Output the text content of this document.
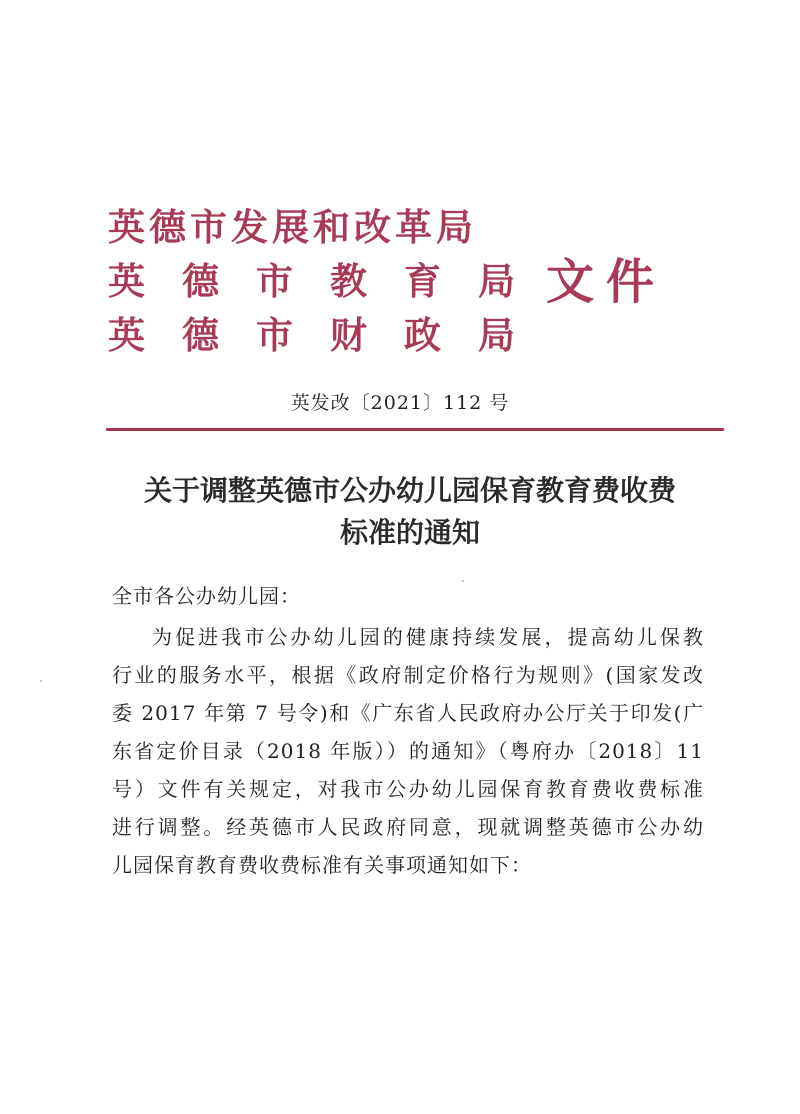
英德市发展和改革局
英德市教育局
英德市财政局
文件
英发改〔2021〕112 号
关于调整英德市公办幼儿园保育教育费收费
标准的通知
全市各公办幼儿园：
为促进我市公办幼儿园的健康持续发展，提高幼儿保教
行业的服务水平，根据《政府制定价格行为规则》(国家发改
委 2017 年第 7 号令)和《广东省人民政府办公厅关于印发(广
东省定价目录（2018 年版））的通知》（粤府办〔2018〕11
号）文件有关规定，对我市公办幼儿园保育教育费收费标准
进行调整。经英德市人民政府同意，现就调整英德市公办幼
儿园保育教育费收费标准有关事项通知如下：
